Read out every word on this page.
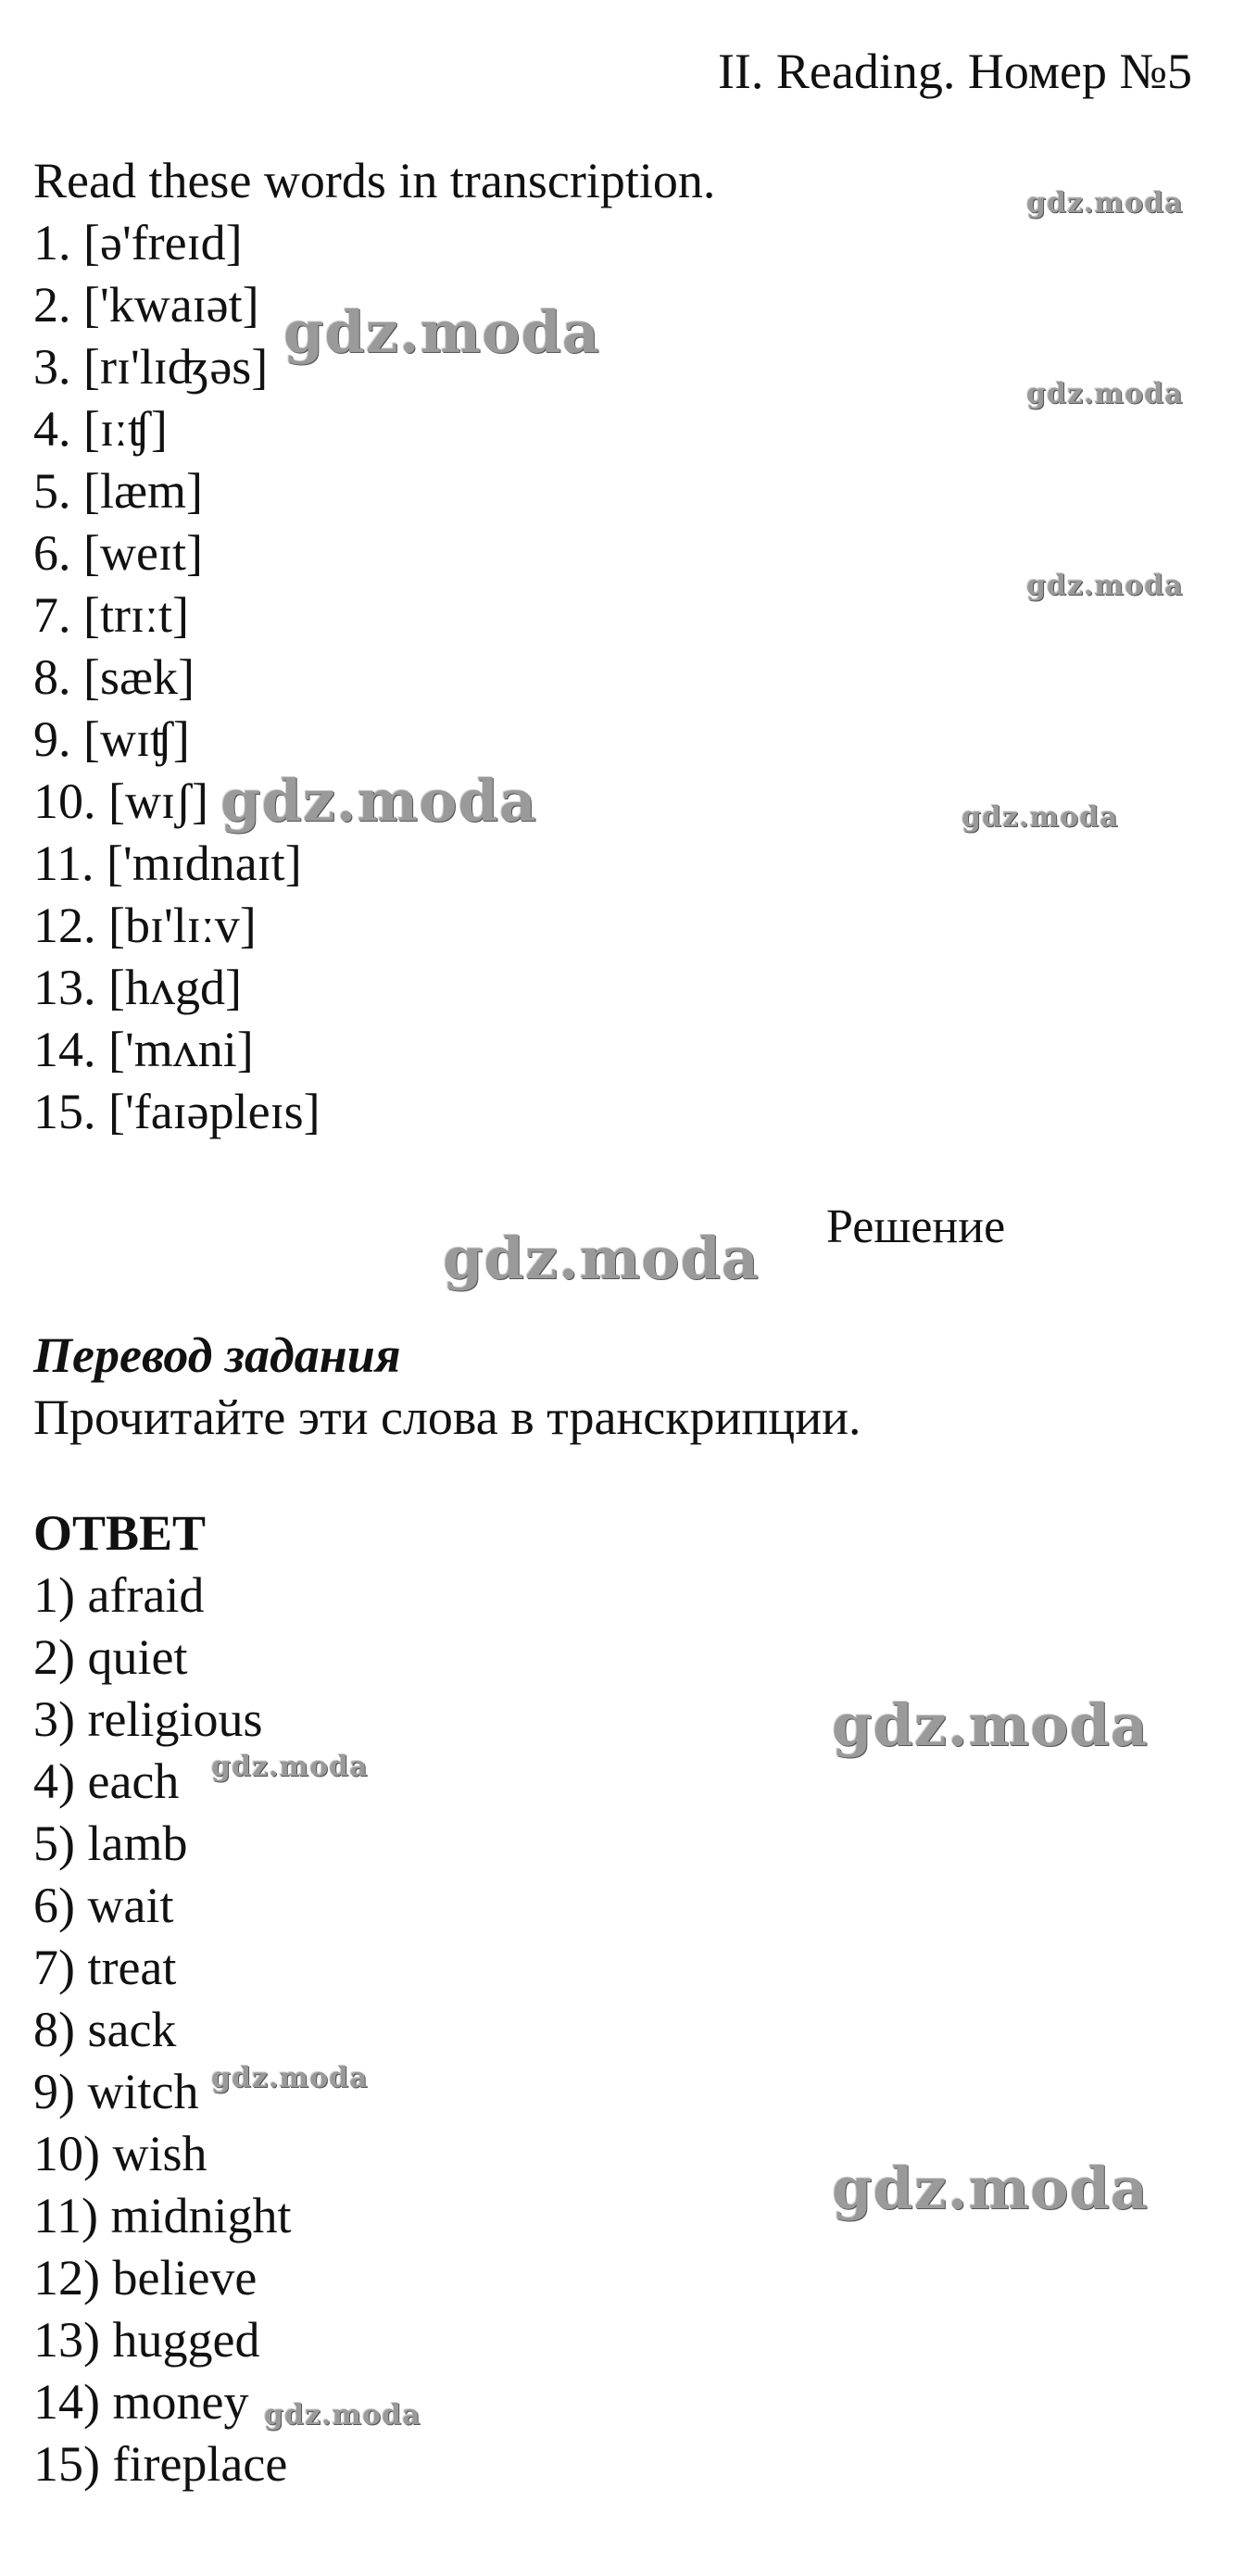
II. Reading. Номер №5
Read these words in transcription.
1. [ə'freɪd]
2. ['kwaɪət]
3. [rɪ'lɪʤəs]
4. [ɪːʧ]
5. [læm]
6. [weɪt]
7. [trɪːt]
8. [sæk]
9. [wɪʧ]
10. [wɪʃ]
11. ['mɪdnaɪt]
12. [bɪ'lɪːv]
13. [hʌgd]
14. ['mʌni]
15. ['faɪəpleɪs]
Решение
Перевод задания
Прочитайте эти слова в транскрипции.
ОТВЕТ
1) afraid
2) quiet
3) religious
4) each
5) lamb
6) wait
7) treat
8) sack
9) witch
10) wish
11) midnight
12) believe
13) hugged
14) money
15) fireplace
gdz.moda
gdz.moda
gdz.moda
gdz.moda
gdz.moda	gdz.moda
gdz.moda
gdz.moda
gdz.moda
gdz.moda
gdz.moda
gdz.moda
